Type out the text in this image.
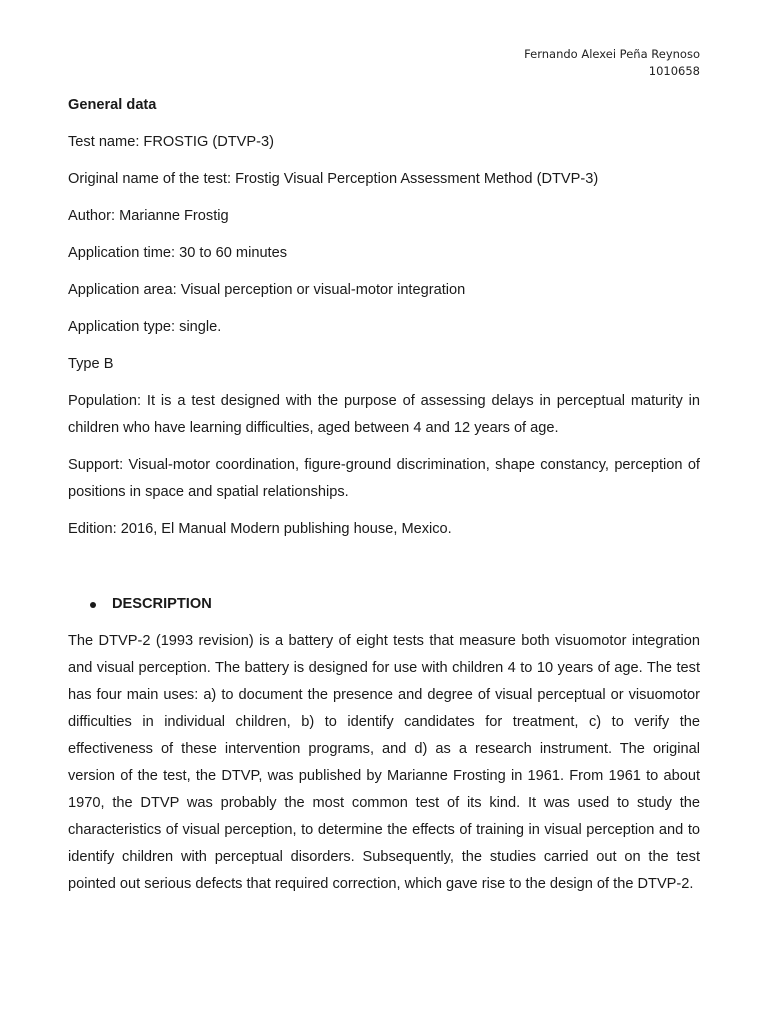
Fernando Alexei Peña Reynoso
1010658
General data
Test name: FROSTIG (DTVP-3)
Original name of the test: Frostig Visual Perception Assessment Method (DTVP-3)
Author: Marianne Frostig
Application time: 30 to 60 minutes
Application area: Visual perception or visual-motor integration
Application type: single.
Type B
Population: It is a test designed with the purpose of assessing delays in perceptual maturity in children who have learning difficulties, aged between 4 and 12 years of age.
Support: Visual-motor coordination, figure-ground discrimination, shape constancy, perception of positions in space and spatial relationships.
Edition: 2016, El Manual Modern publishing house, Mexico.
DESCRIPTION

The DTVP-2 (1993 revision) is a battery of eight tests that measure both visuomotor integration and visual perception. The battery is designed for use with children 4 to 10 years of age. The test has four main uses: a) to document the presence and degree of visual perceptual or visuomotor difficulties in individual children, b) to identify candidates for treatment, c) to verify the effectiveness of these intervention programs, and d) as a research instrument. The original version of the test, the DTVP, was published by Marianne Frosting in 1961. From 1961 to about 1970, the DTVP was probably the most common test of its kind. It was used to study the characteristics of visual perception, to determine the effects of training in visual perception and to identify children with perceptual disorders. Subsequently, the studies carried out on the test pointed out serious defects that required correction, which gave rise to the design of the DTVP-2.
